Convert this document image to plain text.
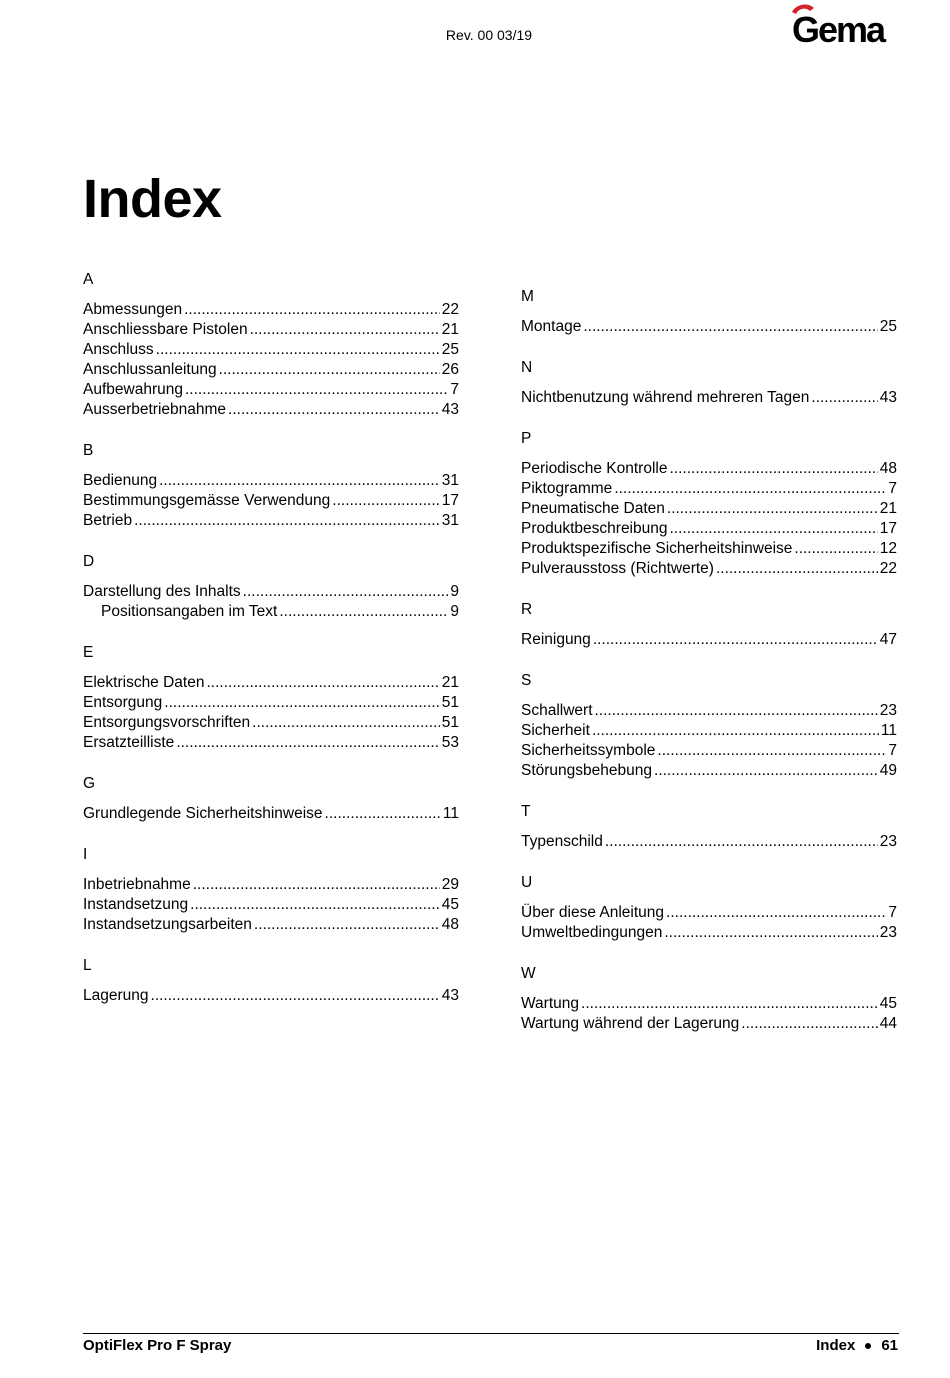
Rev. 00 03/19	Gema
Index
A
Abmessungen .....	22
Anschliessbare Pistolen .....	21
Anschluss .....	25
Anschlussanleitung .....	26
Aufbewahrung .....	7
Ausserbetriebnahme .....	43
B
Bedienung .....	31
Bestimmungsgemässe Verwendung .....	17
Betrieb .....	31
D
Darstellung des Inhalts .....	9
Positionsangaben im Text .....	9
E
Elektrische Daten .....	21
Entsorgung .....	51
Entsorgungsvorschriften .....	51
Ersatzteilliste .....	53
G
Grundlegende Sicherheitshinweise .....	11
I
Inbetriebnahme .....	29
Instandsetzung .....	45
Instandsetzungsarbeiten .....	48
L
Lagerung .....	43
M
Montage .....	25
N
Nichtbenutzung während mehreren Tagen .....	43
P
Periodische Kontrolle .....	48
Piktogramme .....	7
Pneumatische Daten .....	21
Produktbeschreibung .....	17
Produktspezifische Sicherheitshinweise .....	12
Pulverausstoss (Richtwerte) .....	22
R
Reinigung .....	47
S
Schallwert .....	23
Sicherheit .....	11
Sicherheitssymbole .....	7
Störungsbehebung .....	49
T
Typenschild .....	23
U
Über diese Anleitung .....	7
Umweltbedingungen .....	23
W
Wartung .....	45
Wartung während der Lagerung .....	44
OptiFlex Pro F Spray	Index 61
